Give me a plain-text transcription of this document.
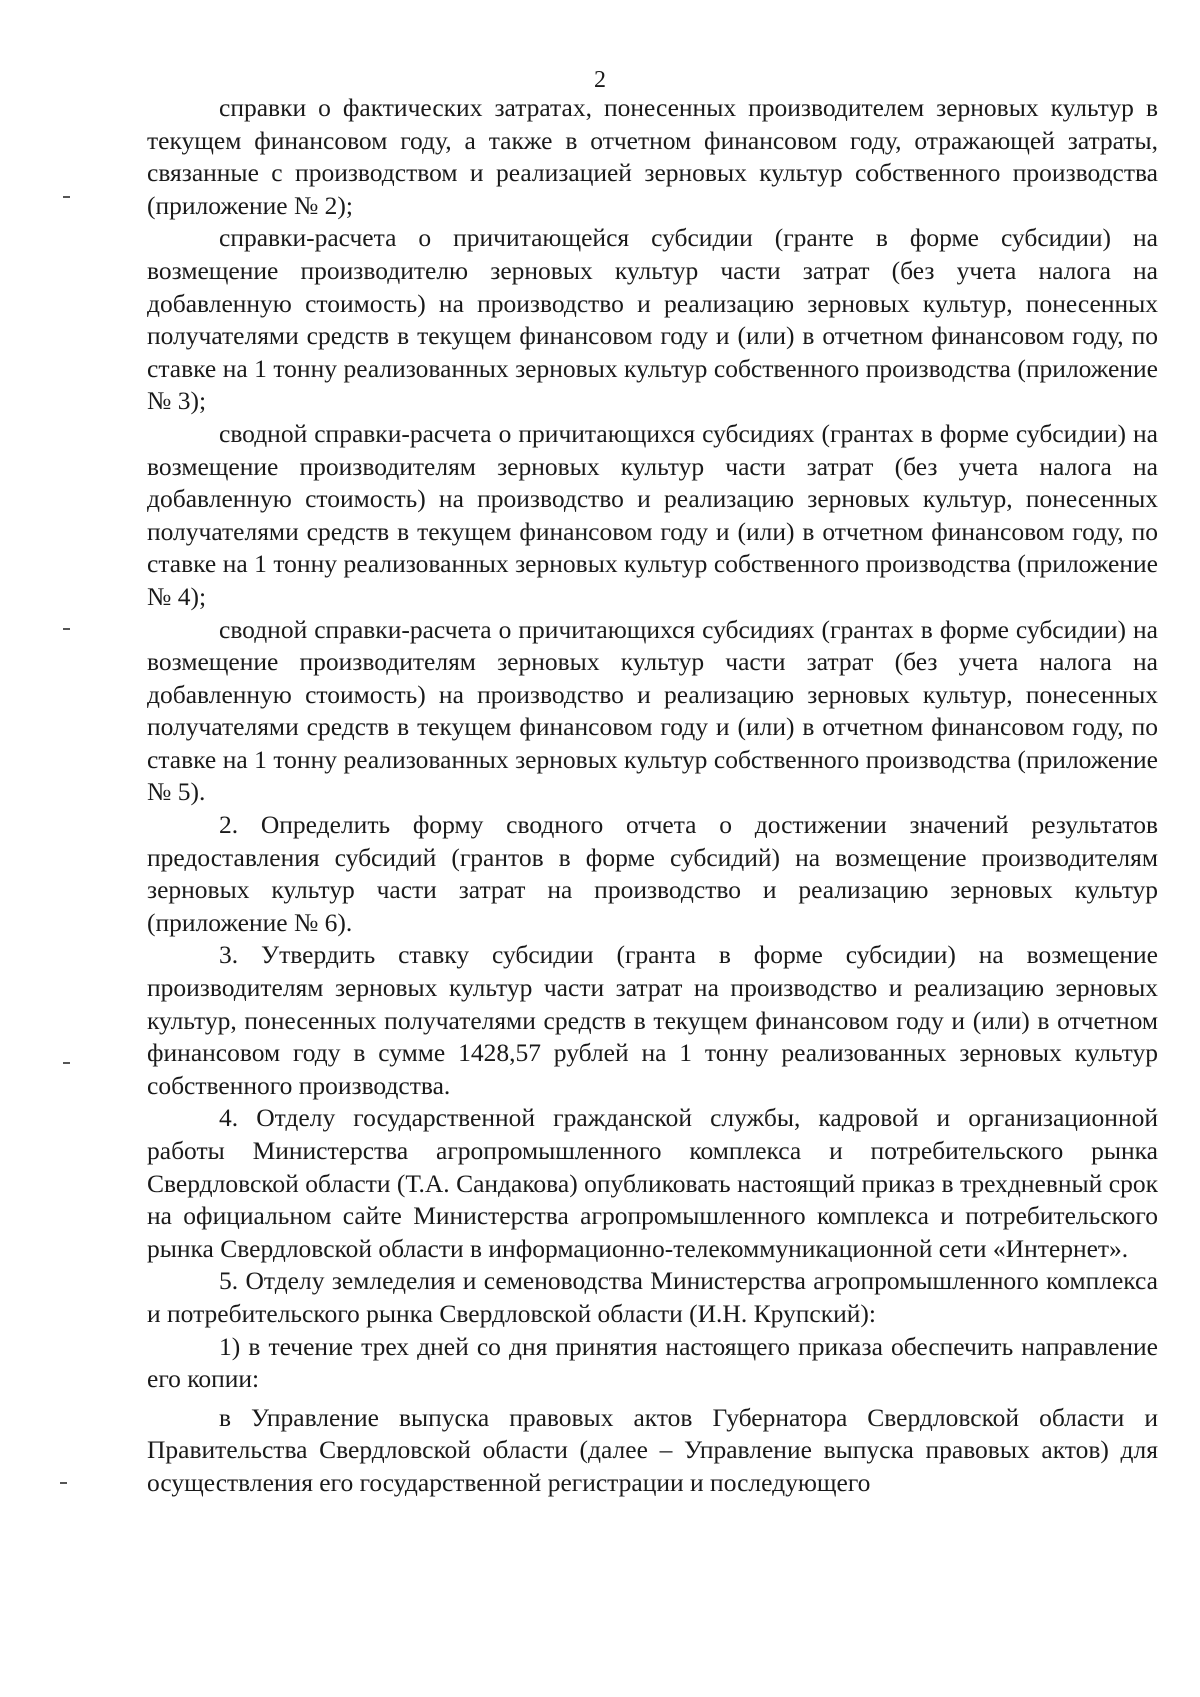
2

справки о фактических затратах, понесенных производителем зерновых культур в текущем финансовом году, а также в отчетном финансовом году, отражающей затраты, связанные с производством и реализацией зерновых культур собственного производства (приложение № 2);

справки-расчета о причитающейся субсидии (гранте в форме субсидии) на возмещение производителю зерновых культур части затрат (без учета налога на добавленную стоимость) на производство и реализацию зерновых культур, понесенных получателями средств в текущем финансовом году и (или) в отчетном финансовом году, по ставке на 1 тонну реализованных зерновых культур собственного производства (приложение № 3);

сводной справки-расчета о причитающихся субсидиях (грантах в форме субсидии) на возмещение производителям зерновых культур части затрат (без учета налога на добавленную стоимость) на производство и реализацию зерновых культур, понесенных получателями средств в текущем финансовом году и (или) в отчетном финансовом году, по ставке на 1 тонну реализованных зерновых культур собственного производства (приложение № 4);

сводной справки-расчета о причитающихся субсидиях (грантах в форме субсидии) на возмещение производителям зерновых культур части затрат (без учета налога на добавленную стоимость) на производство и реализацию зерновых культур, понесенных получателями средств в текущем финансовом году и (или) в отчетном финансовом году, по ставке на 1 тонну реализованных зерновых культур собственного производства (приложение № 5).

2. Определить форму сводного отчета о достижении значений результатов предоставления субсидий (грантов в форме субсидий) на возмещение производителям зерновых культур части затрат на производство и реализацию зерновых культур (приложение № 6).

3. Утвердить ставку субсидии (гранта в форме субсидии) на возмещение производителям зерновых культур части затрат на производство и реализацию зерновых культур, понесенных получателями средств в текущем финансовом году и (или) в отчетном финансовом году в сумме 1428,57 рублей на 1 тонну реализованных зерновых культур собственного производства.

4. Отделу государственной гражданской службы, кадровой и организационной работы Министерства агропромышленного комплекса и потребительского рынка Свердловской области (Т.А. Сандакова) опубликовать настоящий приказ в трехдневный срок на официальном сайте Министерства агропромышленного комплекса и потребительского рынка Свердловской области в информационно-телекоммуникационной сети «Интернет».

5. Отделу земледелия и семеноводства Министерства агропромышленного комплекса и потребительского рынка Свердловской области (И.Н. Крупский):

1) в течение трех дней со дня принятия настоящего приказа обеспечить направление его копии:

в Управление выпуска правовых актов Губернатора Свердловской области и Правительства Свердловской области (далее – Управление выпуска правовых актов) для осуществления его государственной регистрации и последующего
